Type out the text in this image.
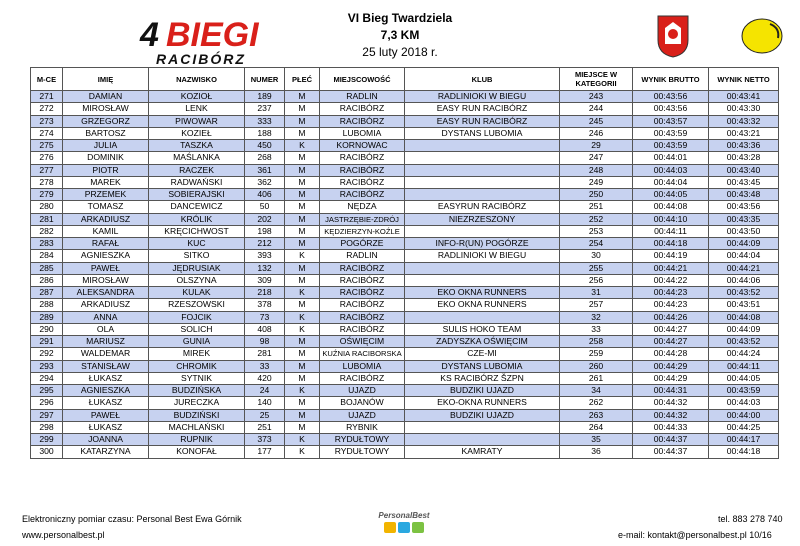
4 BIEGI
RACIBÓRZ
VI Bieg Twardziela
7,3 KM
25 luty 2018 r.
M-CE	IMIĘ	NAZWISKO	NUMER	PŁEĆ	MIEJSCOWOŚĆ	KLUB	MIEJSCE W KATEGORII	WYNIK BRUTTO	WYNIK NETTO
271	DAMIAN	KOZIOŁ	189	M	RADLIN	RADLINIOKI W BIEGU	243	00:43:56	00:43:41
272	MIROSŁAW	LENK	237	M	RACIBÓRZ	EASY RUN RACIBÓRZ	244	00:43:56	00:43:30
273	GRZEGORZ	PIWOWAR	333	M	RACIBÓRZ	EASY RUN RACIBÓRZ	245	00:43:57	00:43:32
274	BARTOSZ	KOZIEŁ	188	M	LUBOMIA	DYSTANS LUBOMIA	246	00:43:59	00:43:21
275	JULIA	TASZKA	450	K	KORNOWAC		29	00:43:59	00:43:36
276	DOMINIK	MAŚLANKA	268	M	RACIBÓRZ		247	00:44:01	00:43:28
277	PIOTR	RACZEK	361	M	RACIBÓRZ		248	00:44:03	00:43:40
278	MAREK	RADWAŃSKI	362	M	RACIBÓRZ		249	00:44:04	00:43:45
279	PRZEMEK	SOBIERAJSKI	406	M	RACIBÓRZ		250	00:44:05	00:43:48
280	TOMASZ	DANCEWICZ	50	M	NĘDZA	EASYRUN RACIBÓRZ	251	00:44:08	00:43:56
281	ARKADIUSZ	KRÓLIK	202	M	JASTRZĘBIE-ZDRÓJ	NIEZRZESZONY	252	00:44:10	00:43:35
282	KAMIL	KRĘCICHWOST	198	M	KĘDZIERZYN-KOŹLE		253	00:44:11	00:43:50
283	RAFAŁ	KUC	212	M	POGÓRZE	INFO-R(UN) POGÓRZE	254	00:44:18	00:44:09
284	AGNIESZKA	SITKO	393	K	RADLIN	RADLINIOKI W BIEGU	30	00:44:19	00:44:04
285	PAWEŁ	JĘDRUSIAK	132	M	RACIBÓRZ		255	00:44:21	00:44:21
286	MIROSŁAW	OLSZYNA	309	M	RACIBÓRZ		256	00:44:22	00:44:06
287	ALEKSANDRA	KULAK	218	K	RACIBÓRZ	EKO OKNA RUNNERS	31	00:44:23	00:43:52
288	ARKADIUSZ	RZESZOWSKI	378	M	RACIBÓRZ	EKO OKNA RUNNERS	257	00:44:23	00:43:51
289	ANNA	FOJCIK	73	K	RACIBÓRZ		32	00:44:26	00:44:08
290	OLA	SOLICH	408	K	RACIBÓRZ	SULIS HOKO TEAM	33	00:44:27	00:44:09
291	MARIUSZ	GUNIA	98	M	OŚWIĘCIM	ZADYSZKA OŚWIĘCIM	258	00:44:27	00:43:52
292	WALDEMAR	MIREK	281	M	KUŹNIA RACIBORSKA	CZE-MI	259	00:44:28	00:44:24
293	STANISŁAW	CHROMIK	33	M	LUBOMIA	DYSTANS LUBOMIA	260	00:44:29	00:44:11
294	ŁUKASZ	SYTNIK	420	M	RACIBÓRZ	KS RACIBÓRZ ŠZPN	261	00:44:29	00:44:05
295	AGNIESZKA	BUDZIŃSKA	24	K	UJAZD	BUDZIKI UJAZD	34	00:44:31	00:43:59
296	ŁUKASZ	JURECZKA	140	M	BOJANÓW	EKO-OKNA RUNNERS	262	00:44:32	00:44:03
297	PAWEŁ	BUDZIŃSKI	25	M	UJAZD	BUDZIKI UJAZD	263	00:44:32	00:44:00
298	ŁUKASZ	MACHLAŃSKI	251	M	RYBNIK		264	00:44:33	00:44:25
299	JOANNA	RUPNIK	373	K	RYDUŁTOWY		35	00:44:37	00:44:17
300	KATARZYNA	KONOFAŁ	177	K	RYDUŁTOWY	KAMRATY	36	00:44:37	00:44:18
Elektroniczny pomiar czasu: Personal Best Ewa Górnik
www.personalbest.pl
tel. 883 278 740
e-mail: kontakt@personalbest.pl 10/16
PersonalBest
